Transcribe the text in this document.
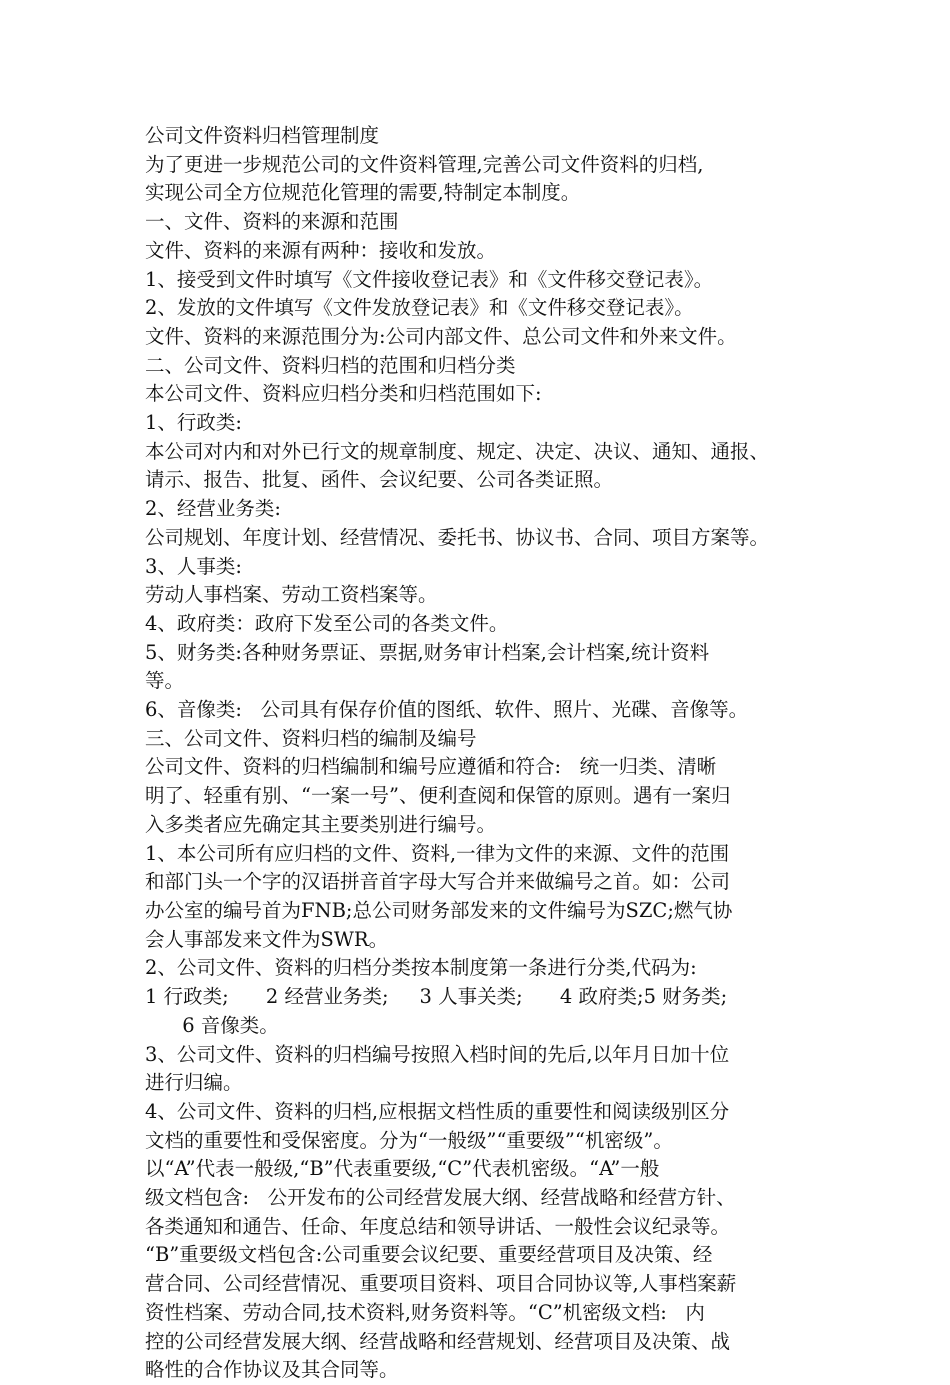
公司文件资料归档管理制度
为了更进一步规范公司的文件资料管理,完善公司文件资料的归档,
实现公司全方位规范化管理的需要,特制定本制度。
一、文件、资料的来源和范围
文件、资料的来源有两种：接收和发放。
1、接受到文件时填写《文件接收登记表》和《文件移交登记表》。
2、发放的文件填写《文件发放登记表》和《文件移交登记表》。
文件、资料的来源范围分为:公司内部文件、总公司文件和外来文件。
二、公司文件、资料归档的范围和归档分类
本公司文件、资料应归档分类和归档范围如下:
1、行政类:
本公司对内和对外已行文的规章制度、规定、决定、决议、通知、通报、
请示、报告、批复、函件、会议纪要、公司各类证照。
2、经营业务类:
公司规划、年度计划、经营情况、委托书、协议书、合同、项目方案等。
3、人事类:
劳动人事档案、劳动工资档案等。
4、政府类：政府下发至公司的各类文件。
5、财务类:各种财务票证、票据,财务审计档案,会计档案,统计资料
等。
6、音像类:   公司具有保存价值的图纸、软件、照片、光碟、音像等。
三、公司文件、资料归档的编制及编号
公司文件、资料的归档编制和编号应遵循和符合:   统一归类、清晰
明了、轻重有别、“一案一号”、便利查阅和保管的原则。遇有一案归
入多类者应先确定其主要类别进行编号。
1、本公司所有应归档的文件、资料,一律为文件的来源、文件的范围
和部门头一个字的汉语拼音首字母大写合并来做编号之首。如：公司
办公室的编号首为FNB;总公司财务部发来的文件编号为SZC;燃气协
会人事部发来文件为SWR。
2、公司文件、资料的归档分类按本制度第一条进行分类,代码为:
1 行政类;      2 经营业务类;     3 人事关类;      4 政府类;5 财务类;
6 音像类。
3、公司文件、资料的归档编号按照入档时间的先后,以年月日加十位
进行归编。
4、公司文件、资料的归档,应根据文档性质的重要性和阅读级别区分
文档的重要性和受保密度。分为“一般级”“重要级”“机密级”。
以“A”代表一般级,“B”代表重要级,“C”代表机密级。“A”一般
级文档包含:   公开发布的公司经营发展大纲、经营战略和经营方针、
各类通知和通告、任命、年度总结和领导讲话、一般性会议纪录等。
“B”重要级文档包含:公司重要会议纪要、重要经营项目及决策、经
营合同、公司经营情况、重要项目资料、项目合同协议等,人事档案薪
资性档案、劳动合同,技术资料,财务资料等。“C”机密级文档:   内
控的公司经营发展大纲、经营战略和经营规划、经营项目及决策、战
略性的合作协议及其合同等。
